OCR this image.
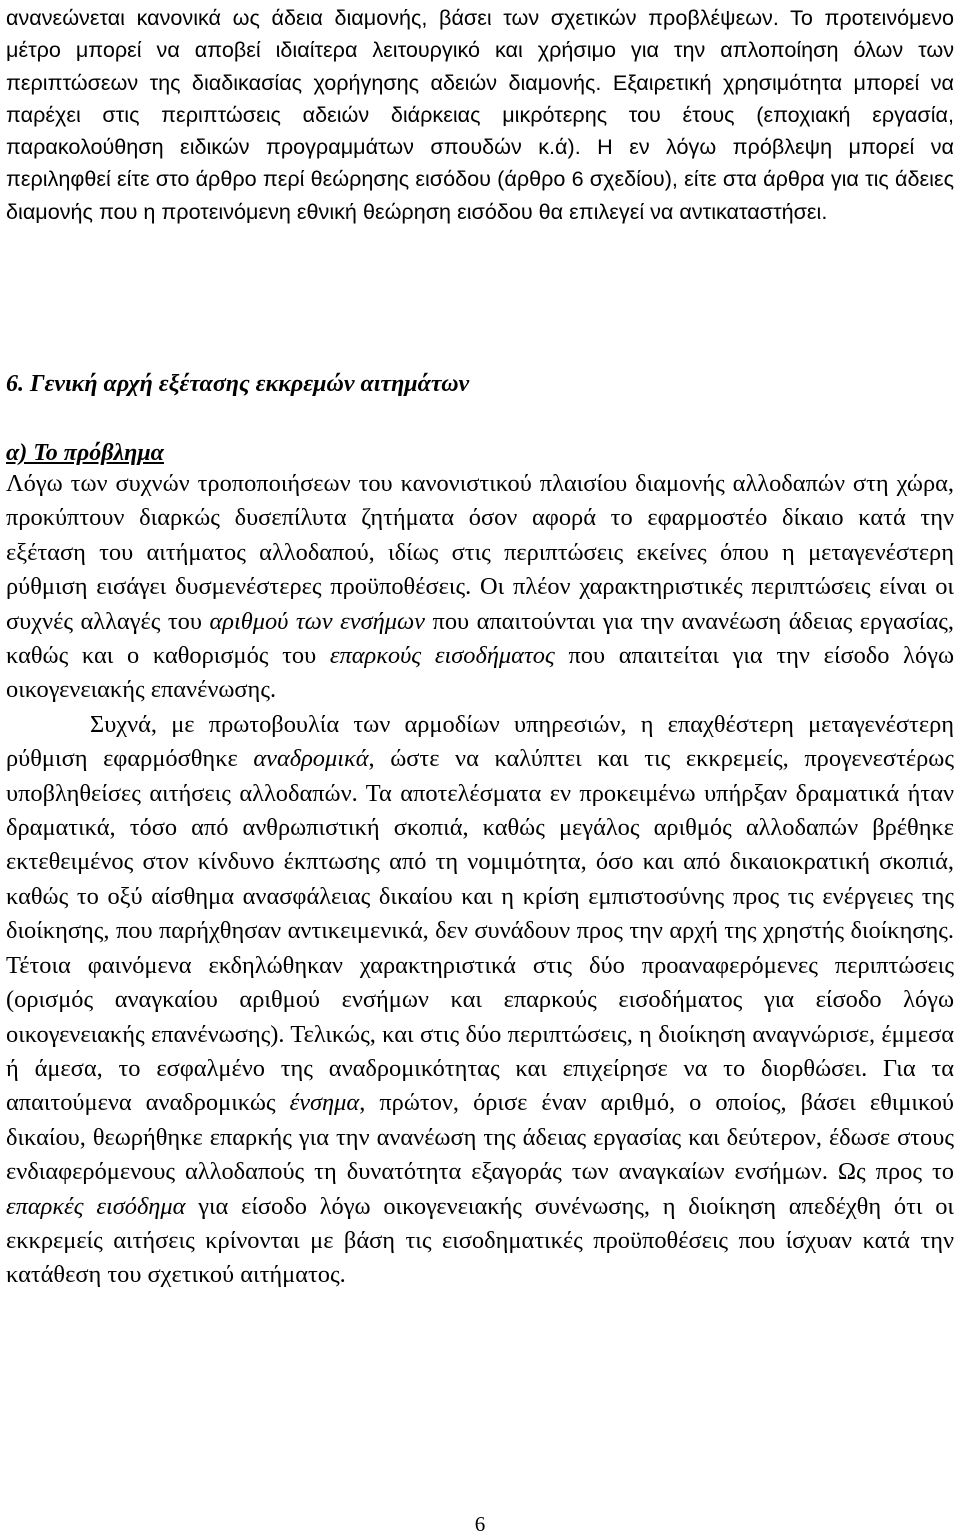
ανανεώνεται κανονικά ως άδεια διαμονής, βάσει των σχετικών προβλέψεων. Το προτεινόμενο μέτρο μπορεί να αποβεί ιδιαίτερα λειτουργικό και χρήσιμο για την απλοποίηση όλων των περιπτώσεων της διαδικασίας χορήγησης αδειών διαμονής. Εξαιρετική χρησιμότητα μπορεί να παρέχει στις περιπτώσεις αδειών διάρκειας μικρότερης του έτους (εποχιακή εργασία, παρακολούθηση ειδικών προγραμμάτων σπουδών κ.ά). Η εν λόγω πρόβλεψη μπορεί να περιληφθεί είτε στο άρθρο περί θεώρησης εισόδου (άρθρο 6 σχεδίου), είτε στα άρθρα για τις άδειες διαμονής που η προτεινόμενη εθνική θεώρηση εισόδου θα επιλεγεί να αντικαταστήσει.

6. Γενική αρχή εξέτασης εκκρεμών αιτημάτων
α) Το πρόβλημα

Λόγω των συχνών τροποποιήσεων του κανονιστικού πλαισίου διαμονής αλλοδαπών στη χώρα, προκύπτουν διαρκώς δυσεπίλυτα ζητήματα όσον αφορά το εφαρμοστέο δίκαιο κατά την εξέταση του αιτήματος αλλοδαπού, ιδίως στις περιπτώσεις εκείνες όπου η μεταγενέστερη ρύθμιση εισάγει δυσμενέστερες προϋποθέσεις. Οι πλέον χαρακτηριστικές περιπτώσεις είναι οι συχνές αλλαγές του αριθμού των ενσήμων που απαιτούνται για την ανανέωση άδειας εργασίας, καθώς και ο καθορισμός του επαρκούς εισοδήματος που απαιτείται για την είσοδο λόγω οικογενειακής επανένωσης.

Συχνά, με πρωτοβουλία των αρμοδίων υπηρεσιών, η επαχθέστερη μεταγενέστερη ρύθμιση εφαρμόσθηκε αναδρομικά, ώστε να καλύπτει και τις εκκρεμείς, προγενεστέρως υποβληθείσες αιτήσεις αλλοδαπών. Τα αποτελέσματα εν προκειμένω υπήρξαν δραματικά ήταν δραματικά, τόσο από ανθρωπιστική σκοπιά, καθώς μεγάλος αριθμός αλλοδαπών βρέθηκε εκτεθειμένος στον κίνδυνο έκπτωσης από τη νομιμότητα, όσο και από δικαιοκρατική σκοπιά, καθώς το οξύ αίσθημα ανασφάλειας δικαίου και η κρίση εμπιστοσύνης προς τις ενέργειες της διοίκησης, που παρήχθησαν αντικειμενικά, δεν συνάδουν προς την αρχή της χρηστής διοίκησης. Τέτοια φαινόμενα εκδηλώθηκαν χαρακτηριστικά στις δύο προαναφερόμενες περιπτώσεις (ορισμός αναγκαίου αριθμού ενσήμων και επαρκούς εισοδήματος για είσοδο λόγω οικογενειακής επανένωσης). Τελικώς, και στις δύο περιπτώσεις, η διοίκηση αναγνώρισε, έμμεσα ή άμεσα, το εσφαλμένο της αναδρομικότητας και επιχείρησε να το διορθώσει. Για τα απαιτούμενα αναδρομικώς ένσημα, πρώτον, όρισε έναν αριθμό, ο οποίος, βάσει εθιμικού δικαίου, θεωρήθηκε επαρκής για την ανανέωση της άδειας εργασίας και δεύτερον, έδωσε στους ενδιαφερόμενους αλλοδαπούς τη δυνατότητα εξαγοράς των αναγκαίων ενσήμων. Ως προς το επαρκές εισόδημα για είσοδο λόγω οικογενειακής συνένωσης, η διοίκηση απεδέχθη ότι οι εκκρεμείς αιτήσεις κρίνονται με βάση τις εισοδηματικές προϋποθέσεις που ίσχυαν κατά την κατάθεση του σχετικού αιτήματος.

6
